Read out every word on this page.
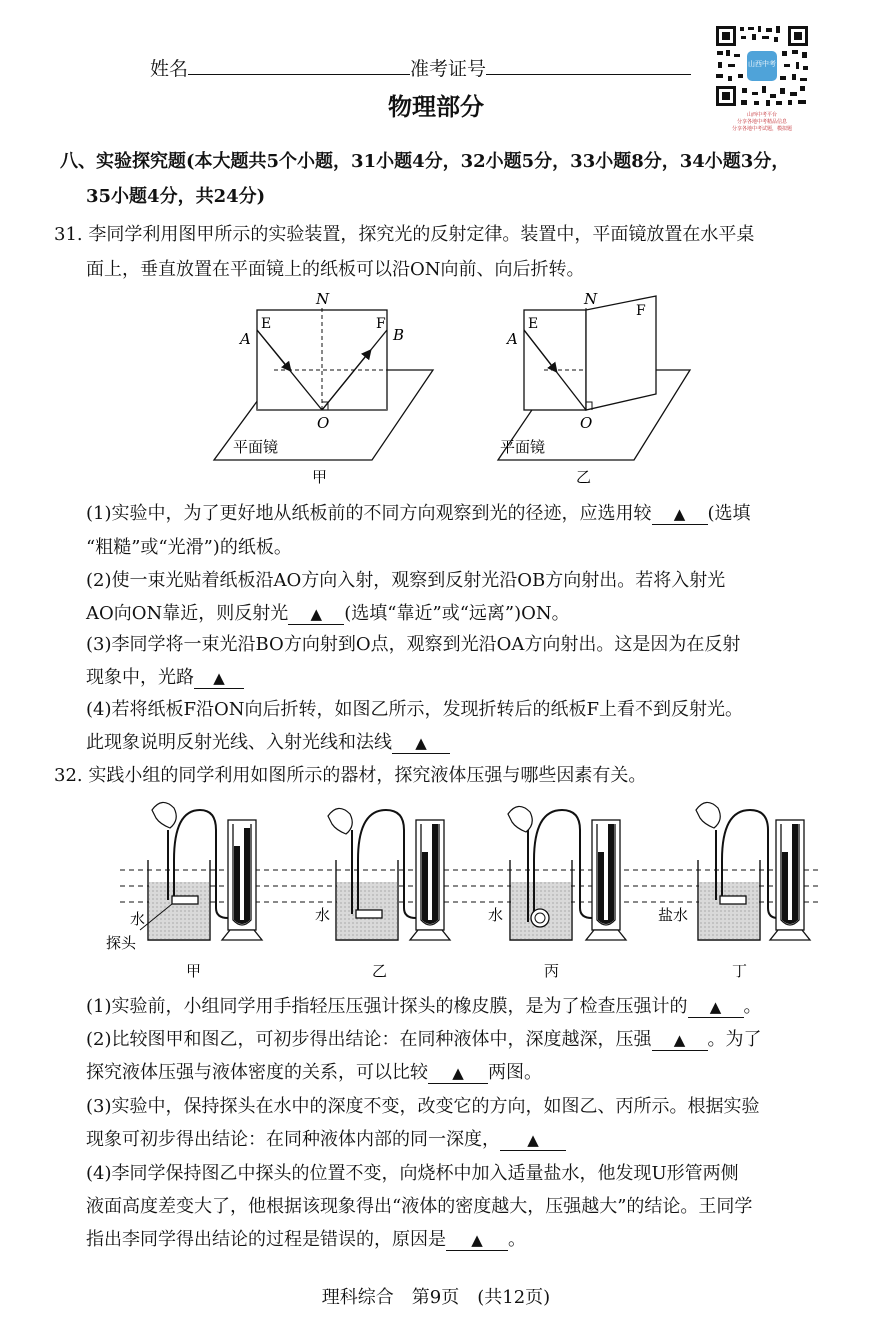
姓名	准考证号	山西中考
山西中考平台
分享各地中考精品信息
分享各地中考试题，模拟题
物理部分
八、实验探究题(本大题共5个小题，31小题4分，32小题5分，33小题8分，34小题3分，
35小题4分，共24分)
31. 李同学利用图甲所示的实验装置，探究光的反射定律。装置中，平面镜放置在水平桌
面上，垂直放置在平面镜上的纸板可以沿ON向前、向后折转。
N
E	F
A	B
O
平面镜
甲
N
E
F
A
O
平面镜
乙
(1)实验中，为了更好地从纸板前的不同方向观察到光的径迹，应选用较 ▲ (选填
“粗糙”或“光滑”)的纸板。
(2)使一束光贴着纸板沿AO方向入射，观察到反射光沿OB方向射出。若将入射光
AO向ON靠近，则反射光 ▲ (选填“靠近”或“远离”)ON。
(3)李同学将一束光沿BO方向射到O点，观察到光沿OA方向射出。这是因为在反射
现象中，光路 ▲
(4)若将纸板F沿ON向后折转，如图乙所示，发现折转后的纸板F上看不到反射光。
此现象说明反射光线、入射光线和法线 ▲
32. 实践小组的同学利用如图所示的器材，探究液体压强与哪些因素有关。
水
探头
水	水	盐水
甲	乙	丙	丁
(1)实验前，小组同学用手指轻压压强计探头的橡皮膜，是为了检查压强计的 ▲ 。
(2)比较图甲和图乙，可初步得出结论：在同种液体中，深度越深，压强 ▲ 。为了
探究液体压强与液体密度的关系，可以比较 ▲ 两图。
(3)实验中，保持探头在水中的深度不变，改变它的方向，如图乙、丙所示。根据实验
现象可初步得出结论：在同种液体内部的同一深度， ▲
(4)李同学保持图乙中探头的位置不变，向烧杯中加入适量盐水，他发现U形管两侧
液面高度差变大了，他根据该现象得出“液体的密度越大，压强越大”的结论。王同学
指出李同学得出结论的过程是错误的，原因是 ▲ 。
理科综合　第9页　(共12页)
